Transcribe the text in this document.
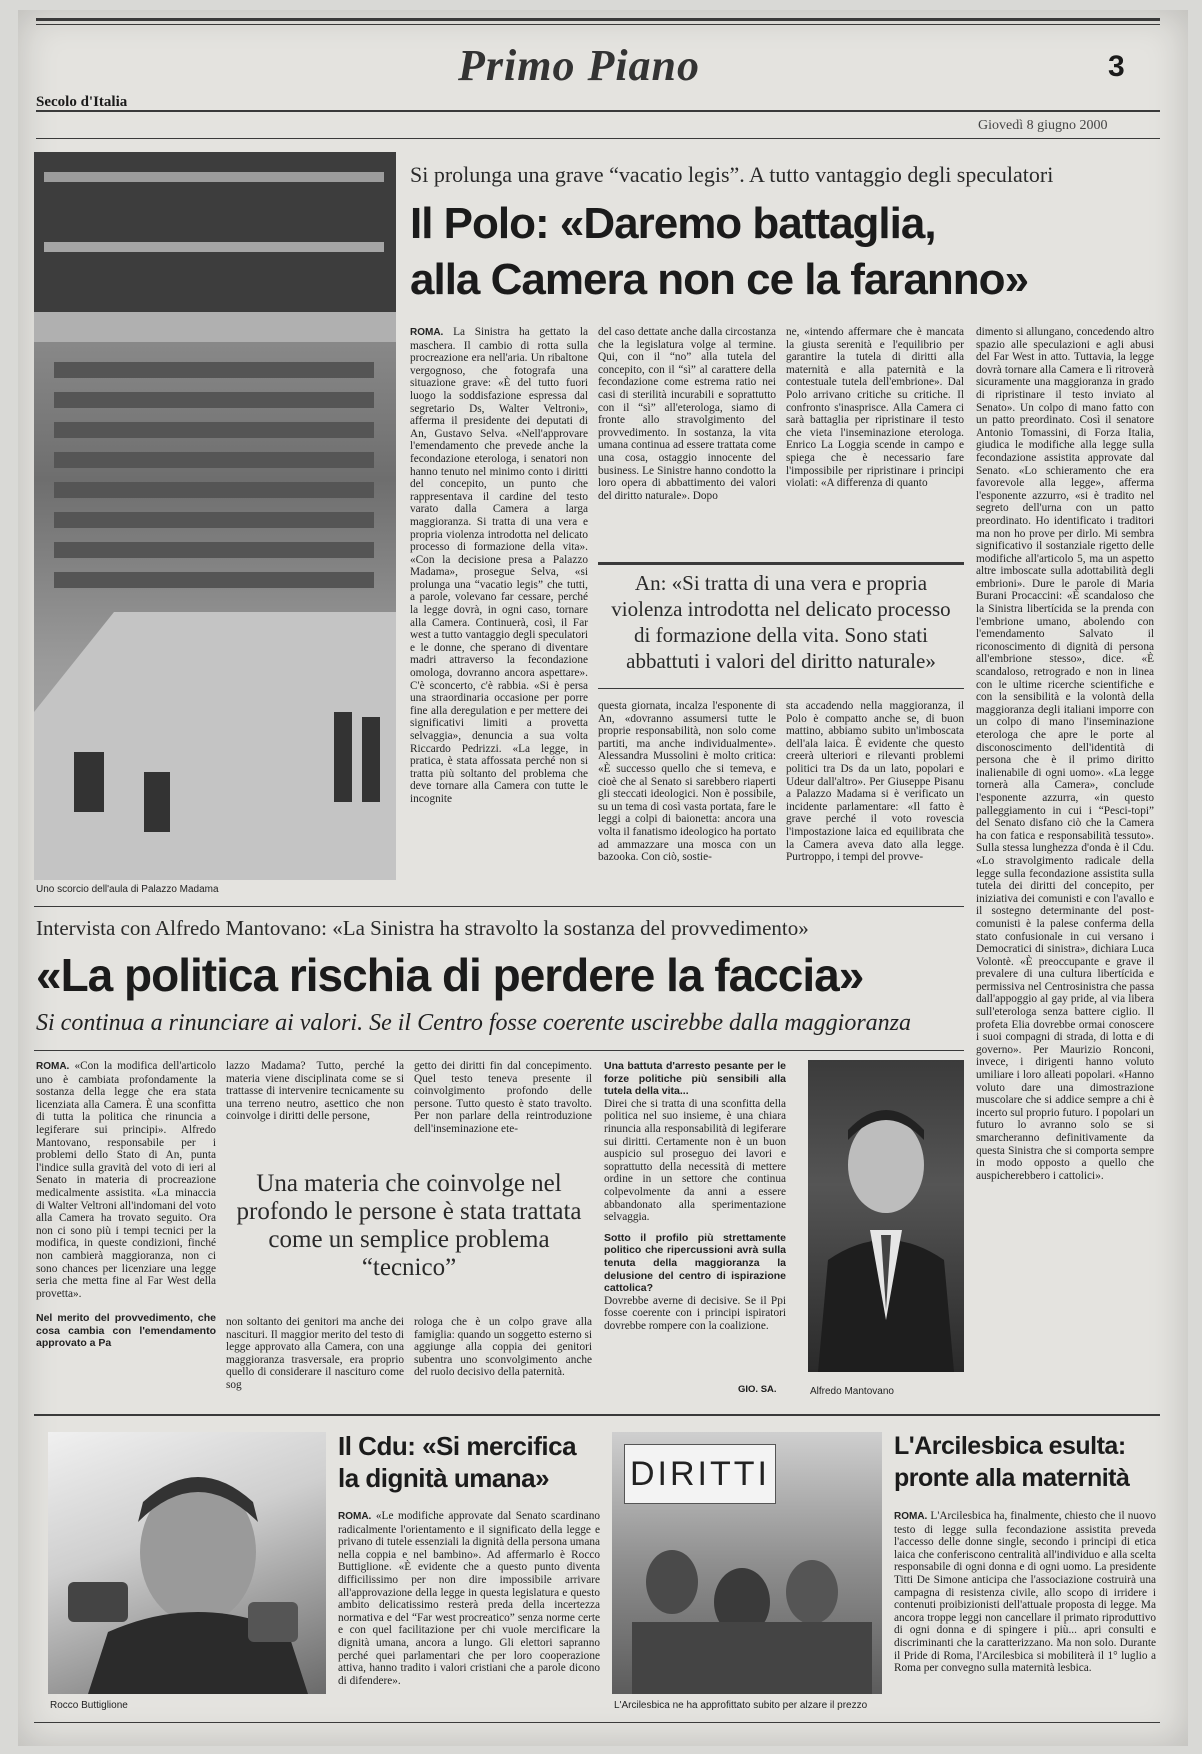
Secolo d'Italia
Primo Piano	3
Giovedì 8 giugno 2000
Uno scorcio dell'aula di Palazzo Madama
Si prolunga una grave “vacatio legis”. A tutto vantaggio degli speculatori
Il Polo: «Daremo battaglia,
alla Camera non ce la faranno»
ROMA. La Sinistra ha gettato la maschera. Il cambio di rotta sulla procreazione era nell'aria. Un ribaltone vergognoso, che fotografa una situazione grave: «È del tutto fuori luogo la soddisfazione espressa dal segretario Ds, Walter Veltroni», afferma il presidente dei deputati di An, Gustavo Selva. «Nell'approvare l'emendamento che prevede anche la fecondazione eterologa, i senatori non hanno tenuto nel minimo conto i diritti del concepito, un punto che rappresentava il cardine del testo varato dalla Camera a larga maggioranza. Si tratta di una vera e propria violenza introdotta nel delicato processo di formazione della vita». «Con la decisione presa a Palazzo Madama», prosegue Selva, «si prolunga una “vacatio legis” che tutti, a parole, volevano far cessare, perché la legge dovrà, in ogni caso, tornare alla Camera. Continuerà, così, il Far west a tutto vantaggio degli speculatori e le donne, che sperano di diventare madri attraverso la fecondazione omologa, dovranno ancora aspettare». C'è sconcerto, c'è rabbia. «Si è persa una straordinaria occasione per porre fine alla deregulation e per mettere dei significativi limiti a provetta selvaggia», denuncia a sua volta Riccardo Pedrizzi. «La legge, in pratica, è stata affossata perché non si tratta più soltanto del problema che deve tornare alla Camera con tutte le incognite
del caso dettate anche dalla circostanza che la legislatura volge al termine. Qui, con il “no” alla tutela del concepito, con il “sì” al carattere della fecondazione come estrema ratio nei casi di sterilità incurabili e soprattutto con il “sì” all'eterologa, siamo di fronte allo stravolgimento del provvedimento. In sostanza, la vita umana continua ad essere trattata come una cosa, ostaggio innocente del business. Le Sinistre hanno condotto la loro opera di abbattimento dei valori del diritto naturale». Dopo
ne, «intendo affermare che è mancata la giusta serenità e l'equilibrio per garantire la tutela di diritti alla maternità e alla paternità e la contestuale tutela dell'embrione». Dal Polo arrivano critiche su critiche. Il confronto s'inasprisce. Alla Camera ci sarà battaglia per ripristinare il testo che vieta l'inseminazione eterologa. Enrico La Loggia scende in campo e spiega che è necessario fare l'impossibile per ripristinare i principi violati: «A differenza di quanto
An: «Si tratta di una vera e propria violenza introdotta nel delicato processo di formazione della vita. Sono stati abbattuti i valori del diritto naturale»
questa giornata, incalza l'esponente di An, «dovranno assumersi tutte le proprie responsabilità, non solo come partiti, ma anche individualmente». Alessandra Mussolini è molto critica: «È successo quello che si temeva, e cioè che al Senato si sarebbero riaperti gli steccati ideologici. Non è possibile, su un tema di così vasta portata, fare le leggi a colpi di baionetta: ancora una volta il fanatismo ideologico ha portato ad ammazzare una mosca con un bazooka. Con ciò, sostie-
sta accadendo nella maggioranza, il Polo è compatto anche se, di buon mattino, abbiamo subito un'imboscata dell'ala laica. È evidente che questo creerà ulteriori e rilevanti problemi politici tra Ds da un lato, popolari e Udeur dall'altro». Per Giuseppe Pisanu a Palazzo Madama si è verificato un incidente parlamentare: «Il fatto è grave perché il voto rovescia l'impostazione laica ed equilibrata che la Camera aveva dato alla legge. Purtroppo, i tempi del provve-
dimento si allungano, concedendo altro spazio alle speculazioni e agli abusi del Far West in atto. Tuttavia, la legge dovrà tornare alla Camera e lì ritroverà sicuramente una maggioranza in grado di ripristinare il testo inviato al Senato». Un colpo di mano fatto con un patto preordinato. Così il senatore Antonio Tomassini, di Forza Italia, giudica le modifiche alla legge sulla fecondazione assistita approvate dal Senato. «Lo schieramento che era favorevole alla legge», afferma l'esponente azzurro, «si è tradito nel segreto dell'urna con un patto preordinato. Ho identificato i traditori ma non ho prove per dirlo. Mi sembra significativo il sostanziale rigetto delle modifiche all'articolo 5, ma un aspetto altre imboscate sulla adottabilità degli embrioni». Dure le parole di Maria Burani Procaccini: «È scandaloso che la Sinistra libertícida se la prenda con l'embrione umano, abolendo con l'emendamento Salvato il riconoscimento di dignità di persona all'embrione stesso», dice. «È scandaloso, retrogrado e non in linea con le ultime ricerche scientifiche e con la sensibilità e la volontà della maggioranza degli italiani imporre con un colpo di mano l'inseminazione eterologa che apre le porte al disconoscimento dell'identità di persona che è il primo diritto inalienabile di ogni uomo». «La legge tornerà alla Camera», conclude l'esponente azzurra, «in questo palleggiamento in cui i “Pesci-topi” del Senato disfano ciò che la Camera ha con fatica e responsabilità tessuto». Sulla stessa lunghezza d'onda è il Cdu. «Lo stravolgimento radicale della legge sulla fecondazione assistita sulla tutela dei diritti del concepito, per iniziativa dei comunisti e con l'avallo e il sostegno determinante del post-comunisti è la palese conferma della stato confusionale in cui versano i Democratici di sinistra», dichiara Luca Volontè. «È preoccupante e grave il prevalere di una cultura libertícida e permissiva nel Centrosinistra che passa dall'appoggio al gay pride, al via libera sull'eterologa senza battere ciglio. Il profeta Elia dovrebbe ormai conoscere i suoi compagni di strada, di lotta e di governo». Per Maurizio Ronconi, invece, i dirigenti hanno voluto umiliare i loro alleati popolari. «Hanno voluto dare una dimostrazione muscolare che si addice sempre a chi è incerto sul proprio futuro. I popolari un futuro lo avranno solo se si smarcheranno definitivamente da questa Sinistra che si comporta sempre in modo opposto a quello che auspicherebbero i cattolici».
Intervista con Alfredo Mantovano: «La Sinistra ha stravolto la sostanza del provvedimento»
«La politica rischia di perdere la faccia»
Si continua a rinunciare ai valori. Se il Centro fosse coerente uscirebbe dalla maggioranza
ROMA. «Con la modifica dell'articolo uno è cambiata profondamente la sostanza della legge che era stata licenziata alla Camera. È una sconfitta di tutta la politica che rinuncia a legiferare sui principi». Alfredo Mantovano, responsabile per i problemi dello Stato di An, punta l'indice sulla gravità del voto di ieri al Senato in materia di procreazione medicalmente assistita. «La minaccia di Walter Veltroni all'indomani del voto alla Camera ha trovato seguito. Ora non ci sono più i tempi tecnici per la modifica, in queste condizioni, finché non cambierà maggioranza, non ci sono chances per licenziare una legge seria che metta fine al Far West della provetta».
Nel merito del provvedimento, che cosa cambia con l'emendamento approvato a Pa
lazzo Madama? Tutto, perché la materia viene disciplinata come se si trattasse di intervenire tecnicamente su una terreno neutro, asettico che non coinvolge i diritti delle persone,
getto dei diritti fin dal concepimento. Quel testo teneva presente il coinvolgimento profondo delle persone. Tutto questo è stato travolto. Per non parlare della reintroduzione dell'inseminazione ete-
Una materia che coinvolge nel profondo le persone è stata trattata come un semplice problema “tecnico”
non soltanto dei genitori ma anche dei nascituri. Il maggior merito del testo di legge approvato alla Camera, con una maggioranza trasversale, era proprio quello di considerare il nascituro come sog
rologa che è un colpo grave alla famiglia: quando un soggetto esterno si aggiunge alla coppia dei genitori subentra uno sconvolgimento anche del ruolo decisivo della paternità.
Una battuta d'arresto pesante per le forze politiche più sensibili alla tutela della vita...
Direi che si tratta di una sconfitta della politica nel suo insieme, è una chiara rinuncia alla responsabilità di legiferare sui diritti. Certamente non è un buon auspicio sul proseguo dei lavori e soprattutto della necessità di mettere ordine in un settore che continua colpevolmente da anni a essere abbandonato alla sperimentazione selvaggia.
Sotto il profilo più strettamente politico che ripercussioni avrà sulla tenuta della maggioranza la delusione del centro di ispirazione cattolica?
Dovrebbe averne di decisive. Se il Ppi fosse coerente con i principi ispiratori dovrebbe rompere con la coalizione.
GIO. SA.	Alfredo Mantovano
Rocco Buttiglione
Il Cdu: «Si mercifica la dignità umana»
ROMA. «Le modifiche approvate dal Senato scardinano radicalmente l'orientamento e il significato della legge e privano di tutele essenziali la dignità della persona umana nella coppia e nel bambino». Ad affermarlo è Rocco Buttiglione. «È evidente che a questo punto diventa difficilissimo per non dire impossibile arrivare all'approvazione della legge in questa legislatura e questo ambito delicatissimo resterà preda della incertezza normativa e del “Far west procreatico” senza norme certe e con quel facilitazione per chi vuole mercificare la dignità umana, ancora a lungo. Gli elettori sapranno perché quei parlamentari che per loro cooperazione attiva, hanno tradito i valori cristiani che a parole dicono di difendere».
DIRITTI
L'Arcilesbica ne ha approfittato subito per alzare il prezzo
L'Arcilesbica esulta: pronte alla maternità
ROMA. L'Arcilesbica ha, finalmente, chiesto che il nuovo testo di legge sulla fecondazione assistita preveda l'accesso delle donne single, secondo i principi di etica laica che conferiscono centralità all'individuo e alla scelta responsabile di ogni donna e di ogni uomo. La presidente Titti De Simone anticipa che l'associazione costruirà una campagna di resistenza civile, allo scopo di irridere i contenuti proibizionisti dell'attuale proposta di legge. Ma ancora troppe leggi non cancellare il primato riproduttivo di ogni donna e di spingere i più... apri consulti e discriminanti che la caratterizzano. Ma non solo. Durante il Pride di Roma, l'Arcilesbica si mobiliterà il 1° luglio a Roma per convegno sulla maternità lesbica.
